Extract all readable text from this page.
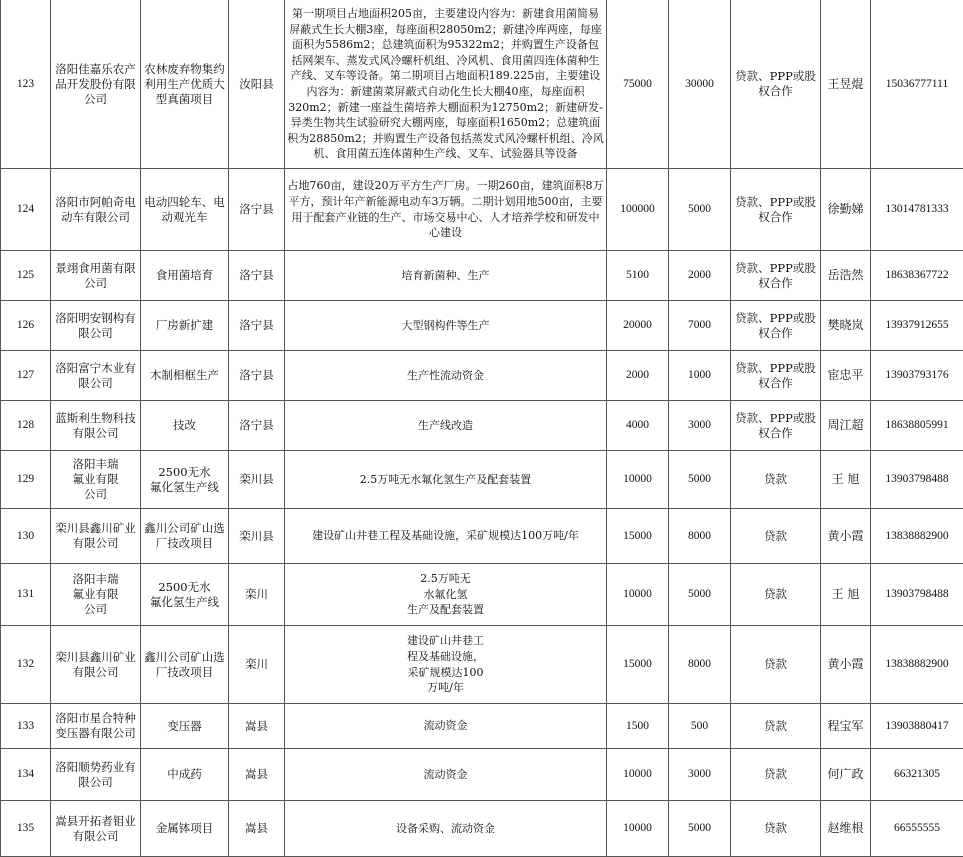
123	洛阳佳嘉乐农产品开发股份有限公司	农林废弃物集约利用生产优质大型真菌项目	汝阳县	第一期项目占地面积205亩，主要建设内容为：新建食用菌简易屏蔽式生长大棚3座，每座面积28050m2；新建冷库两座，每座面积为5586m2；总建筑面积为95322m2；并购置生产设备包括网架车、蒸发式风冷螺杆机组、冷风机、食用菌四连体菌种生产线、叉车等设备。第二期项目占地面积189.225亩，主要建设内容为：新建菌菜屏蔽式自动化生长大棚40座，每座面积320m2；新建一座益生菌培养大棚面积为12750m2；新建研发-异类生物共生试验研究大棚两座，每座面积1650m2；总建筑面积为28850m2；并购置生产设备包括蒸发式风冷螺杆机组、冷风机、食用菌五连体菌种生产线、叉车、试验器具等设备	75000	30000	贷款、PPP或股权合作	王昱焜	15036777111
124	洛阳市阿帕奇电动车有限公司	电动四轮车、电动观光车	洛宁县	占地760亩，建设20万平方生产厂房。一期260亩，建筑面积8万平方，预计年产新能源电动车3万辆。二期计划用地500亩，主要用于配套产业链的生产、市场交易中心、人才培养学校和研发中心建设	100000	5000	贷款、PPP或股权合作	徐勤娣	13014781333
125	景翊食用菌有限公司	食用菌培育	洛宁县	培育新菌种、生产	5100	2000	贷款、PPP或股权合作	岳浩然	18638367722
126	洛阳明安钢构有限公司	厂房新扩建	洛宁县	大型钢构件等生产	20000	7000	贷款、PPP或股权合作	樊晓岚	13937912655
127	洛阳富宁木业有限公司	木制相框生产	洛宁县	生产性流动资金	2000	1000	贷款、PPP或股权合作	宦忠平	13903793176
128	蓝斯利生物科技有限公司	技改	洛宁县	生产线改造	4000	3000	贷款、PPP或股权合作	周江超	18638805991
129	洛阳丰瑞
氟业有限
公司	2500无水
氟化氢生产线	栾川县	2.5万吨无水氟化氢生产及配套装置	10000	5000	贷款	王 旭	13903798488
130	栾川县鑫川矿业有限公司	鑫川公司矿山选厂技改项目	栾川县	建设矿山井巷工程及基础设施，采矿规模达100万吨/年	15000	8000	贷款	黄小霞	13838882900
131	洛阳丰瑞
氟业有限
公司	2500无水
氟化氢生产线	栾川	2.5万吨无
水氟化氢
生产及配套装置	10000	5000	贷款	王 旭	13903798488
132	栾川县鑫川矿业有限公司	鑫川公司矿山选厂技改项目	栾川	建设矿山井巷工
程及基础设施，
采矿规模达100
万吨/年	15000	8000	贷款	黄小霞	13838882900
133	洛阳市星合特种变压器有限公司	变压器	嵩县	流动资金	1500	500	贷款	程宝军	13903880417
134	洛阳顺势药业有限公司	中成药	嵩县	流动资金	10000	3000	贷款	何广政	66321305
135	嵩县开拓者钼业有限公司	金属钵项目	嵩县	设备采购、流动资金	10000	5000	贷款	赵维根	66555555
